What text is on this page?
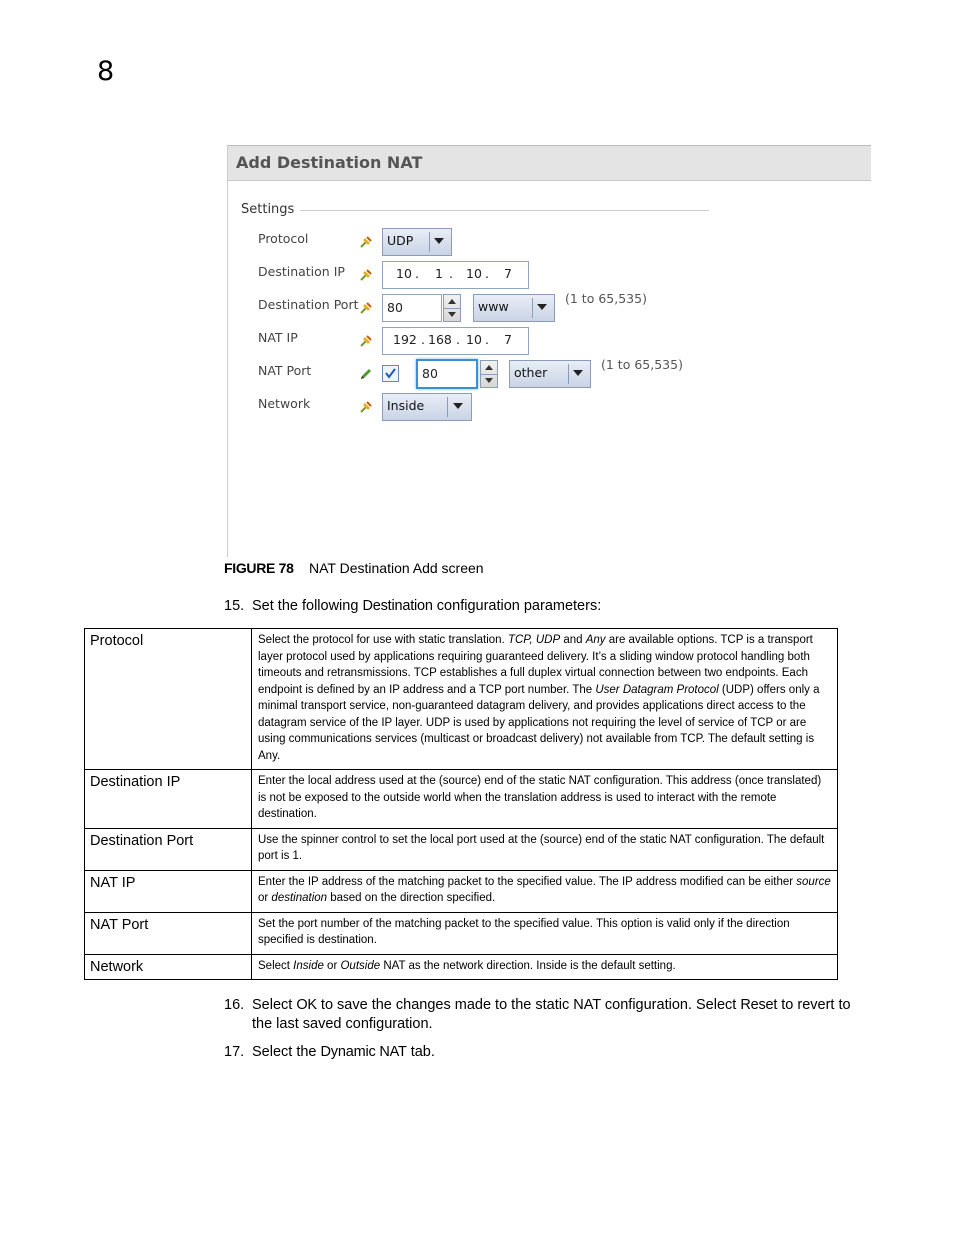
8
Add Destination NAT
Settings
Protocol	UDP
Destination IP	10 . 1 . 10 . 7
Destination Port 80	www
(1 to 65,535)
NAT IP	192 . 168 . 10 . 7
NAT Port	80	other
(1 to 65,535)
Network	Inside
FIGURE 78 NAT Destination Add screen
15. Set the following Destination configuration parameters:
Protocol	Select the protocol for use with static translation. TCP, UDP and Any are available options. TCP is a transport layer protocol used by applications requiring guaranteed delivery. It’s a sliding window protocol handling both timeouts and retransmissions. TCP establishes a full duplex virtual connection between two endpoints. Each endpoint is defined by an IP address and a TCP port number. The User Datagram Protocol (UDP) offers only a minimal transport service, non-guaranteed datagram delivery, and provides applications direct access to the datagram service of the IP layer. UDP is used by applications not requiring the level of service of TCP or are using communications services (multicast or broadcast delivery) not available from TCP. The default setting is Any.
Destination IP	Enter the local address used at the (source) end of the static NAT configuration. This address (once translated) is not be exposed to the outside world when the translation address is used to interact with the remote destination.
Destination Port	Use the spinner control to set the local port used at the (source) end of the static NAT configuration. The default port is 1.
NAT IP	Enter the IP address of the matching packet to the specified value. The IP address modified can be either source or destination based on the direction specified.
NAT Port	Set the port number of the matching packet to the specified value. This option is valid only if the direction specified is destination.
Network	Select Inside or Outside NAT as the network direction. Inside is the default setting.
16. Select OK to save the changes made to the static NAT configuration. Select Reset to revert to
the last saved configuration.
17. Select the Dynamic NAT tab.
